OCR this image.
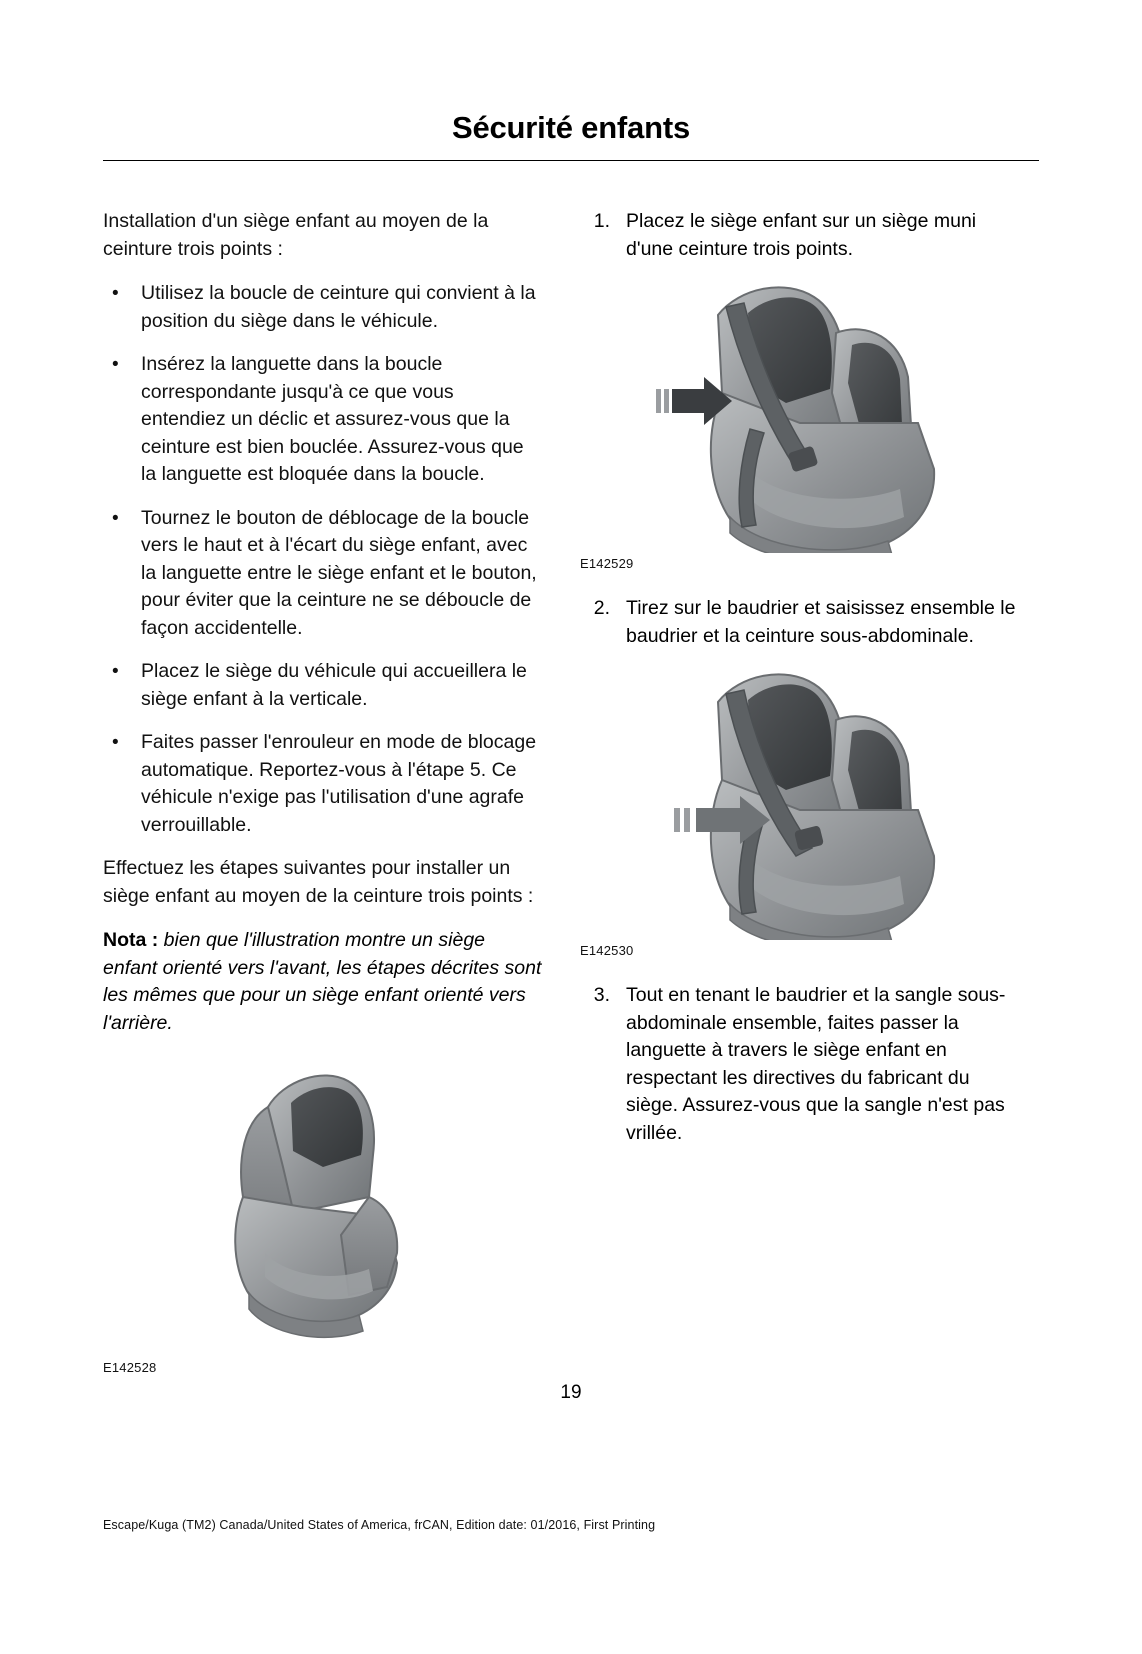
Sécurité enfants

Installation d'un siège enfant au moyen de la ceinture trois points :

• Utilisez la boucle de ceinture qui convient à la position du siège dans le véhicule.
• Insérez la languette dans la boucle correspondante jusqu'à ce que vous entendiez un déclic et assurez-vous que la ceinture est bien bouclée. Assurez-vous que la languette est bloquée dans la boucle.
• Tournez le bouton de déblocage de la boucle vers le haut et à l'écart du siège enfant, avec la languette entre le siège enfant et le bouton, pour éviter que la ceinture ne se déboucle de façon accidentelle.
• Placez le siège du véhicule qui accueillera le siège enfant à la verticale.
• Faites passer l'enrouleur en mode de blocage automatique. Reportez-vous à l'étape 5. Ce véhicule n'exige pas l'utilisation d'une agrafe verrouillable.

Effectuez les étapes suivantes pour installer un siège enfant au moyen de la ceinture trois points :

Nota : bien que l'illustration montre un siège enfant orienté vers l'avant, les étapes décrites sont les mêmes que pour un siège enfant orienté vers l'arrière.

E142528
1. Placez le siège enfant sur un siège muni d'une ceinture trois points.
E142529
2. Tirez sur le baudrier et saisissez ensemble le baudrier et la ceinture sous-abdominale.
E142530
3. Tout en tenant le baudrier et la sangle sous-abdominale ensemble, faites passer la languette à travers le siège enfant en respectant les directives du fabricant du siège. Assurez-vous que la sangle n'est pas vrillée.
19
Escape/Kuga (TM2) Canada/United States of America, frCAN, Edition date: 01/2016, First Printing
